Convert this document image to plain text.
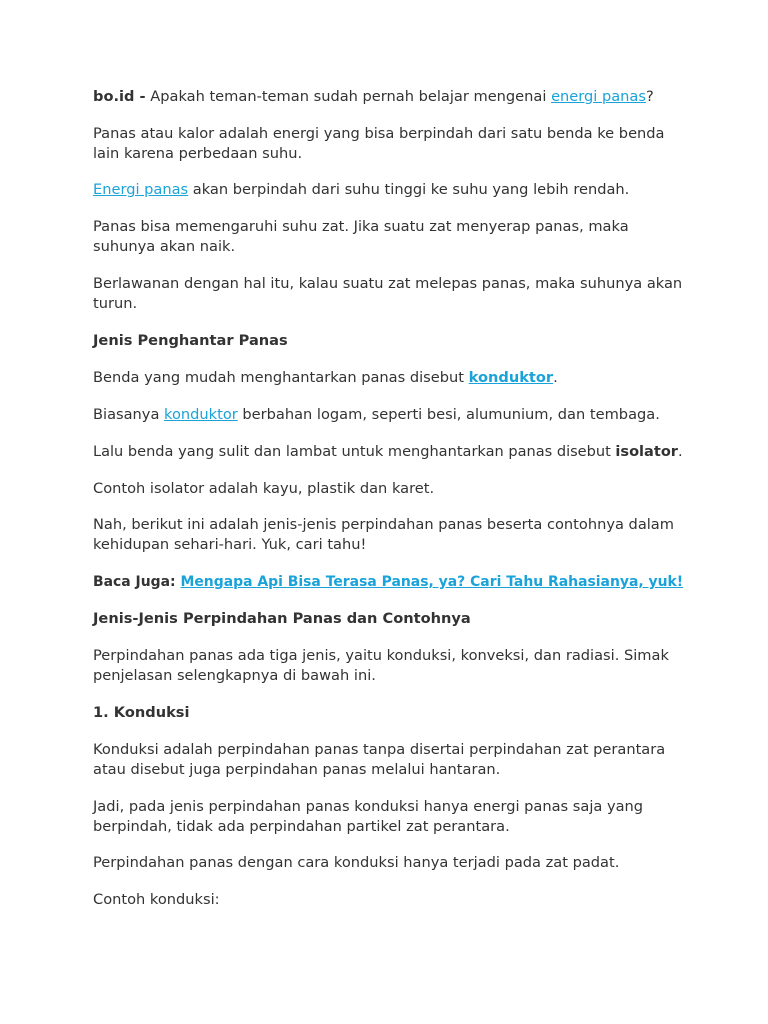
bo.id - Apakah teman-teman sudah pernah belajar mengenai energi panas?
Panas atau kalor adalah energi yang bisa berpindah dari satu benda ke benda
lain karena perbedaan suhu.
Energi panas akan berpindah dari suhu tinggi ke suhu yang lebih rendah.
Panas bisa memengaruhi suhu zat. Jika suatu zat menyerap panas, maka
suhunya akan naik.
Berlawanan dengan hal itu, kalau suatu zat melepas panas, maka suhunya akan
turun.
Jenis Penghantar Panas
Benda yang mudah menghantarkan panas disebut konduktor.
Biasanya konduktor berbahan logam, seperti besi, alumunium, dan tembaga.
Lalu benda yang sulit dan lambat untuk menghantarkan panas disebut isolator.
Contoh isolator adalah kayu, plastik dan karet.
Nah, berikut ini adalah jenis-jenis perpindahan panas beserta contohnya dalam
kehidupan sehari-hari. Yuk, cari tahu!
Baca Juga: Mengapa Api Bisa Terasa Panas, ya? Cari Tahu Rahasianya, yuk!
Jenis-Jenis Perpindahan Panas dan Contohnya
Perpindahan panas ada tiga jenis, yaitu konduksi, konveksi, dan radiasi. Simak
penjelasan selengkapnya di bawah ini.
1. Konduksi
Konduksi adalah perpindahan panas tanpa disertai perpindahan zat perantara
atau disebut juga perpindahan panas melalui hantaran.
Jadi, pada jenis perpindahan panas konduksi hanya energi panas saja yang
berpindah, tidak ada perpindahan partikel zat perantara.
Perpindahan panas dengan cara konduksi hanya terjadi pada zat padat.
Contoh konduksi:
